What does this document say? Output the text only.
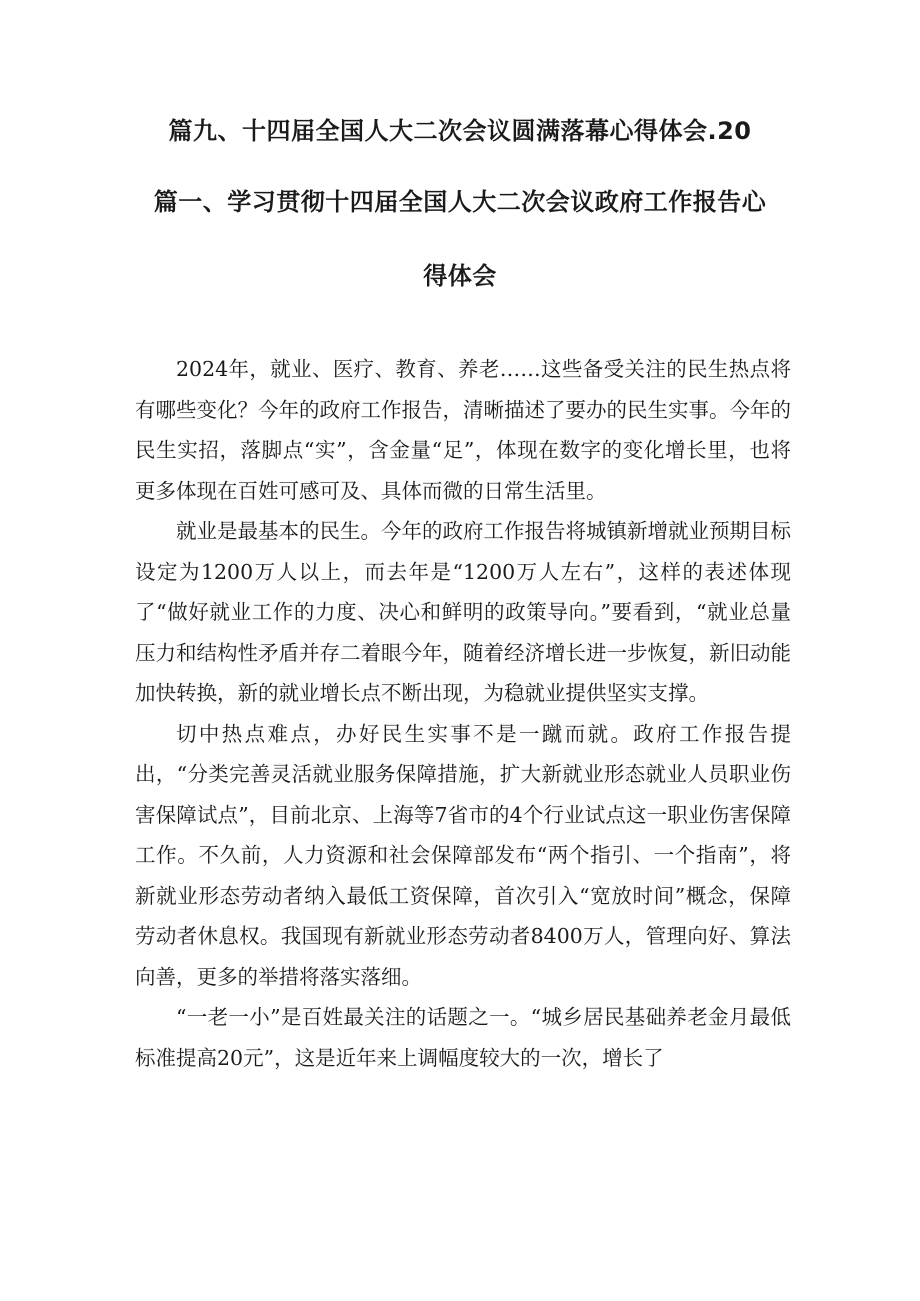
篇九、十四届全国人大二次会议圆满落幕心得体会.20
篇一、学习贯彻十四届全国人大二次会议政府工作报告心
得体会

2024年，就业、医疗、教育、养老……这些备受关注的民生热点将有哪些变化？今年的政府工作报告，清晰描述了要办的民生实事。今年的民生实招，落脚点“实”，含金量“足”，体现在数字的变化增长里，也将更多体现在百姓可感可及、具体而微的日常生活里。

就业是最基本的民生。今年的政府工作报告将城镇新增就业预期目标设定为1200万人以上，而去年是“1200万人左右”，这样的表述体现了“做好就业工作的力度、决心和鲜明的政策导向。”要看到，“就业总量压力和结构性矛盾并存二着眼今年，随着经济增长进一步恢复，新旧动能加快转换，新的就业增长点不断出现，为稳就业提供坚实支撑。

切中热点难点，办好民生实事不是一蹴而就。政府工作报告提出，“分类完善灵活就业服务保障措施，扩大新就业形态就业人员职业伤害保障试点”，目前北京、上海等7省市的4个行业试点这一职业伤害保障工作。不久前，人力资源和社会保障部发布“两个指引、一个指南”，将新就业形态劳动者纳入最低工资保障，首次引入“宽放时间”概念，保障劳动者休息权。我国现有新就业形态劳动者8400万人，管理向好、算法向善，更多的举措将落实落细。

“一老一小”是百姓最关注的话题之一。“城乡居民基础养老金月最低标准提高20元”，这是近年来上调幅度较大的一次，增长了
